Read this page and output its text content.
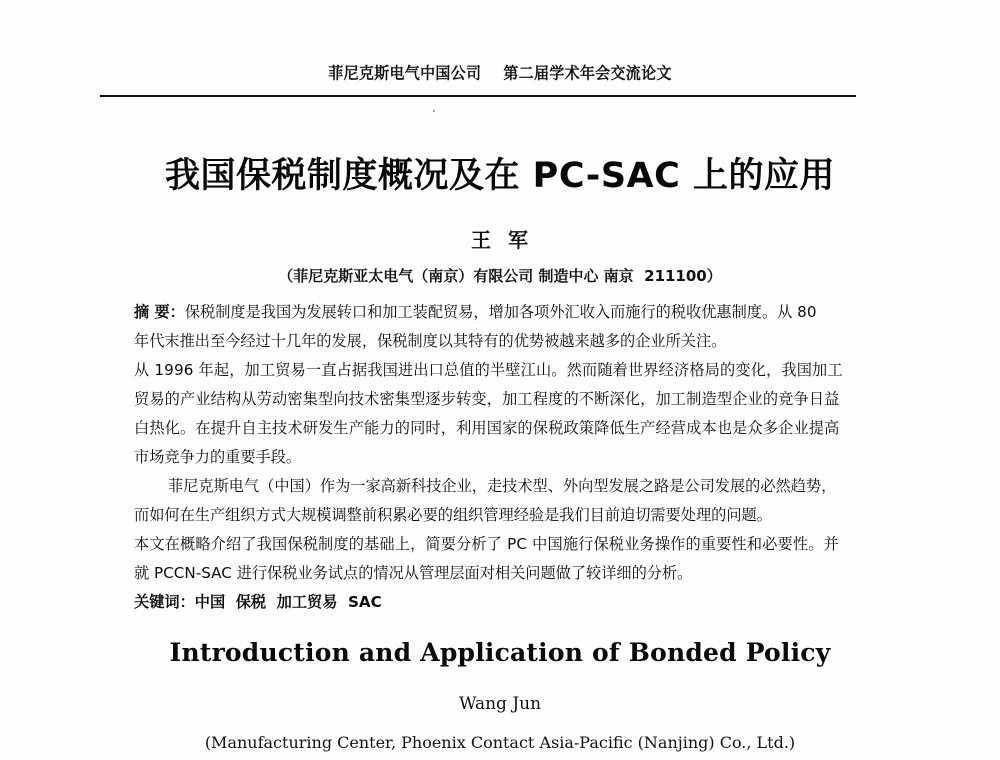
菲尼克斯电气中国公司    第二届学术年会交流论文
我国保税制度概况及在 PC-SAC 上的应用
王  军
（菲尼克斯亚太电气（南京）有限公司 制造中心 南京  211100）
摘 要：保税制度是我国为发展转口和加工装配贸易，增加各项外汇收入而施行的税收优惠制度。从 80
年代末推出至今经过十几年的发展，保税制度以其特有的优势被越来越多的企业所关注。
从 1996 年起，加工贸易一直占据我国进出口总值的半壁江山。然而随着世界经济格局的变化，我国加工
贸易的产业结构从劳动密集型向技术密集型逐步转变，加工程度的不断深化，加工制造型企业的竞争日益
白热化。在提升自主技术研发生产能力的同时，利用国家的保税政策降低生产经营成本也是众多企业提高
市场竞争力的重要手段。
菲尼克斯电气（中国）作为一家高新科技企业，走技术型、外向型发展之路是公司发展的必然趋势，
而如何在生产组织方式大规模调整前积累必要的组织管理经验是我们目前迫切需要处理的问题。
本文在概略介绍了我国保税制度的基础上，简要分析了 PC 中国施行保税业务操作的重要性和必要性。并
就 PCCN-SAC 进行保税业务试点的情况从管理层面对相关问题做了较详细的分析。
关键词：中国  保税  加工贸易  SAC
Introduction and Application of Bonded Policy
Wang Jun
(Manufacturing Center, Phoenix Contact Asia-Pacific (Nanjing) Co., Ltd.)
